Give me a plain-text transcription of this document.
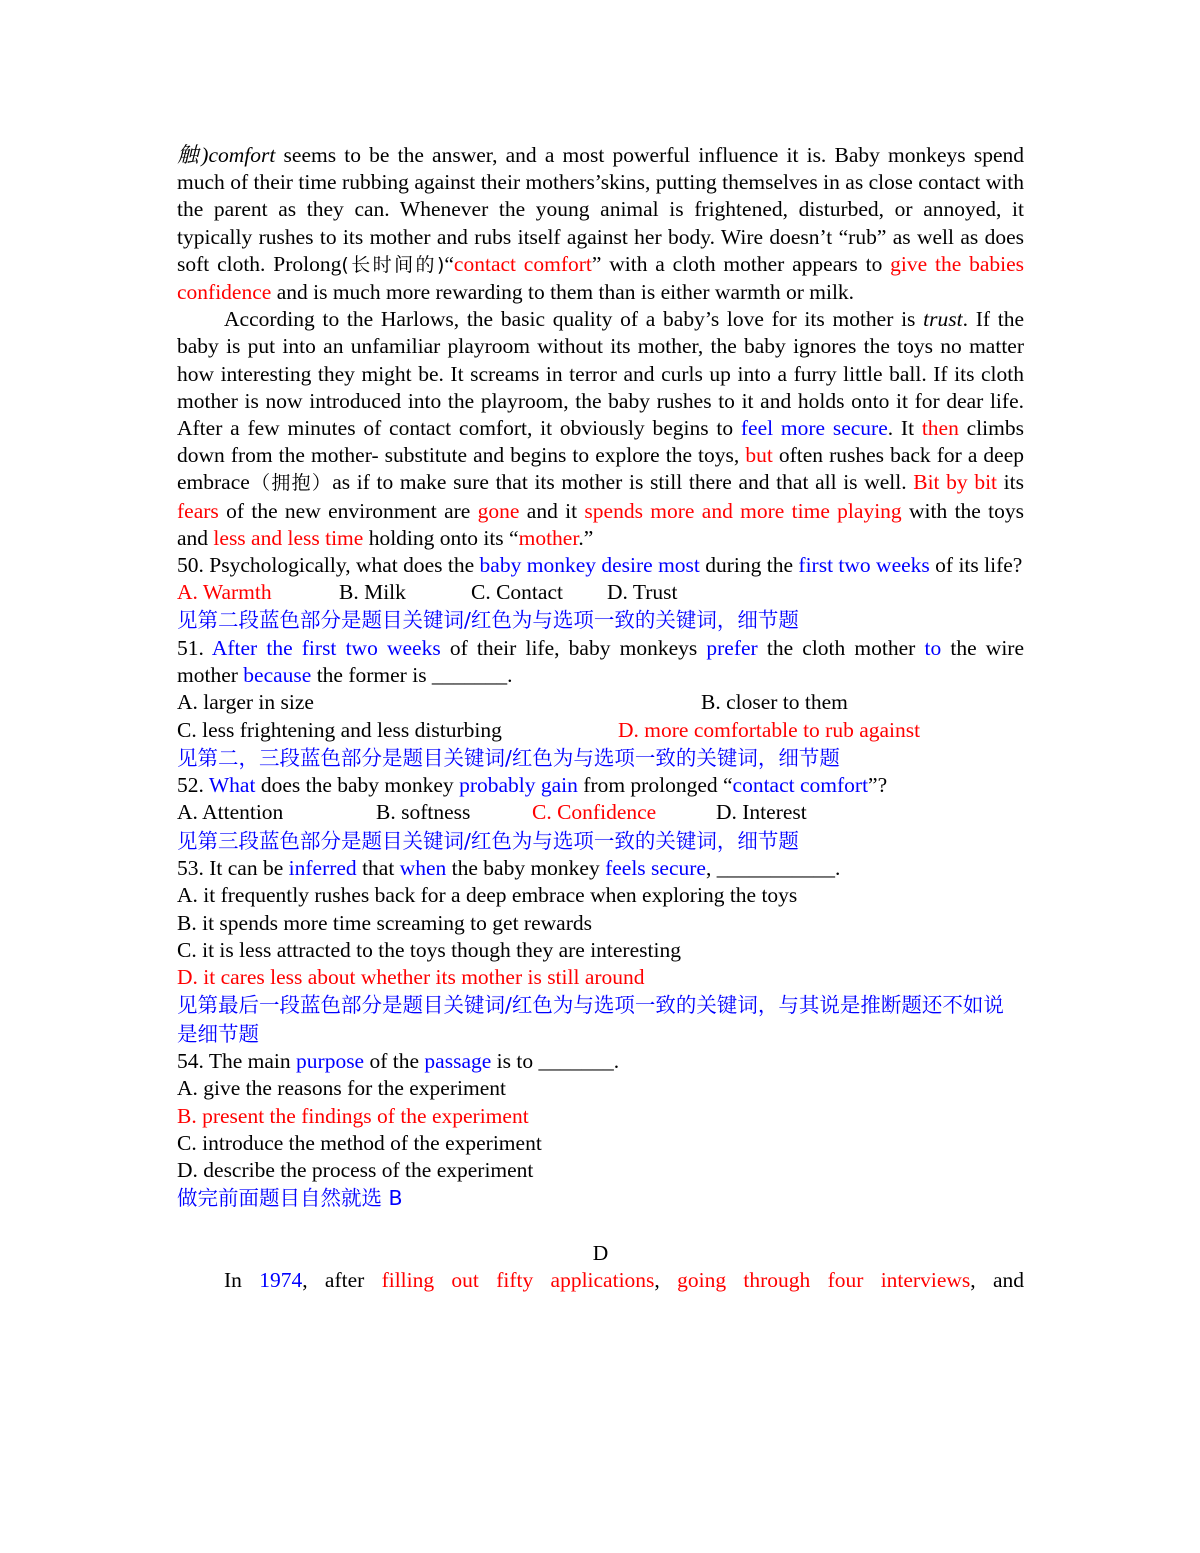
触)comfort seems to be the answer, and a most powerful influence it is. Baby monkeys spend much of their time rubbing against their mothers’skins, putting themselves in as close contact with the parent as they can. Whenever the young animal is frightened, disturbed, or annoyed, it typically rushes to its mother and rubs itself against her body. Wire doesn’t “rub” as well as does soft cloth. Prolong(长时间的)“contact comfort” with a cloth mother appears to give the babies confidence and is much more rewarding to them than is either warmth or milk.

According to the Harlows, the basic quality of a baby’s love for its mother is trust. If the baby is put into an unfamiliar playroom without its mother, the baby ignores the toys no matter how interesting they might be. It screams in terror and curls up into a furry little ball. If its cloth mother is now introduced into the playroom, the baby rushes to it and holds onto it for dear life. After a few minutes of contact comfort, it obviously begins to feel more secure. It then climbs down from the mother- substitute and begins to explore the toys, but often rushes back for a deep embrace（拥抱）as if to make sure that its mother is still there and that all is well. Bit by bit its fears of the new environment are gone and it spends more and more time playing with the toys and less and less time holding onto its “mother.”

50. Psychologically, what does the baby monkey desire most during the first two weeks of its life?

A. Warmth	B. Milk	C. Contact	D. Trust

见第二段蓝色部分是题目关键词/红色为与选项一致的关键词，细节题

51. After the first two weeks of their life, baby monkeys prefer the cloth mother to the wire mother because the former is _______.

A. larger in size	B. closer to them
C. less frightening and less disturbing	D. more comfortable to rub against

见第二，三段蓝色部分是题目关键词/红色为与选项一致的关键词，细节题

52. What does the baby monkey probably gain from prolonged “contact comfort”?

A. Attention	B. softness	C. Confidence	D. Interest

见第三段蓝色部分是题目关键词/红色为与选项一致的关键词，细节题

53. It can be inferred that when the baby monkey feels secure, ___________.

A. it frequently rushes back for a deep embrace when exploring the toys

B. it spends more time screaming to get rewards

C. it is less attracted to the toys though they are interesting

D. it cares less about whether its mother is still around

见第最后一段蓝色部分是题目关键词/红色为与选项一致的关键词，与其说是推断题还不如说是细节题

54. The main purpose of the passage is to _______.

A. give the reasons for the experiment

B. present the findings of the experiment

C. introduce the method of the experiment

D. describe the process of the experiment

做完前面题目自然就选 B

D

In 1974, after filling out fifty applications, going through four interviews, and
